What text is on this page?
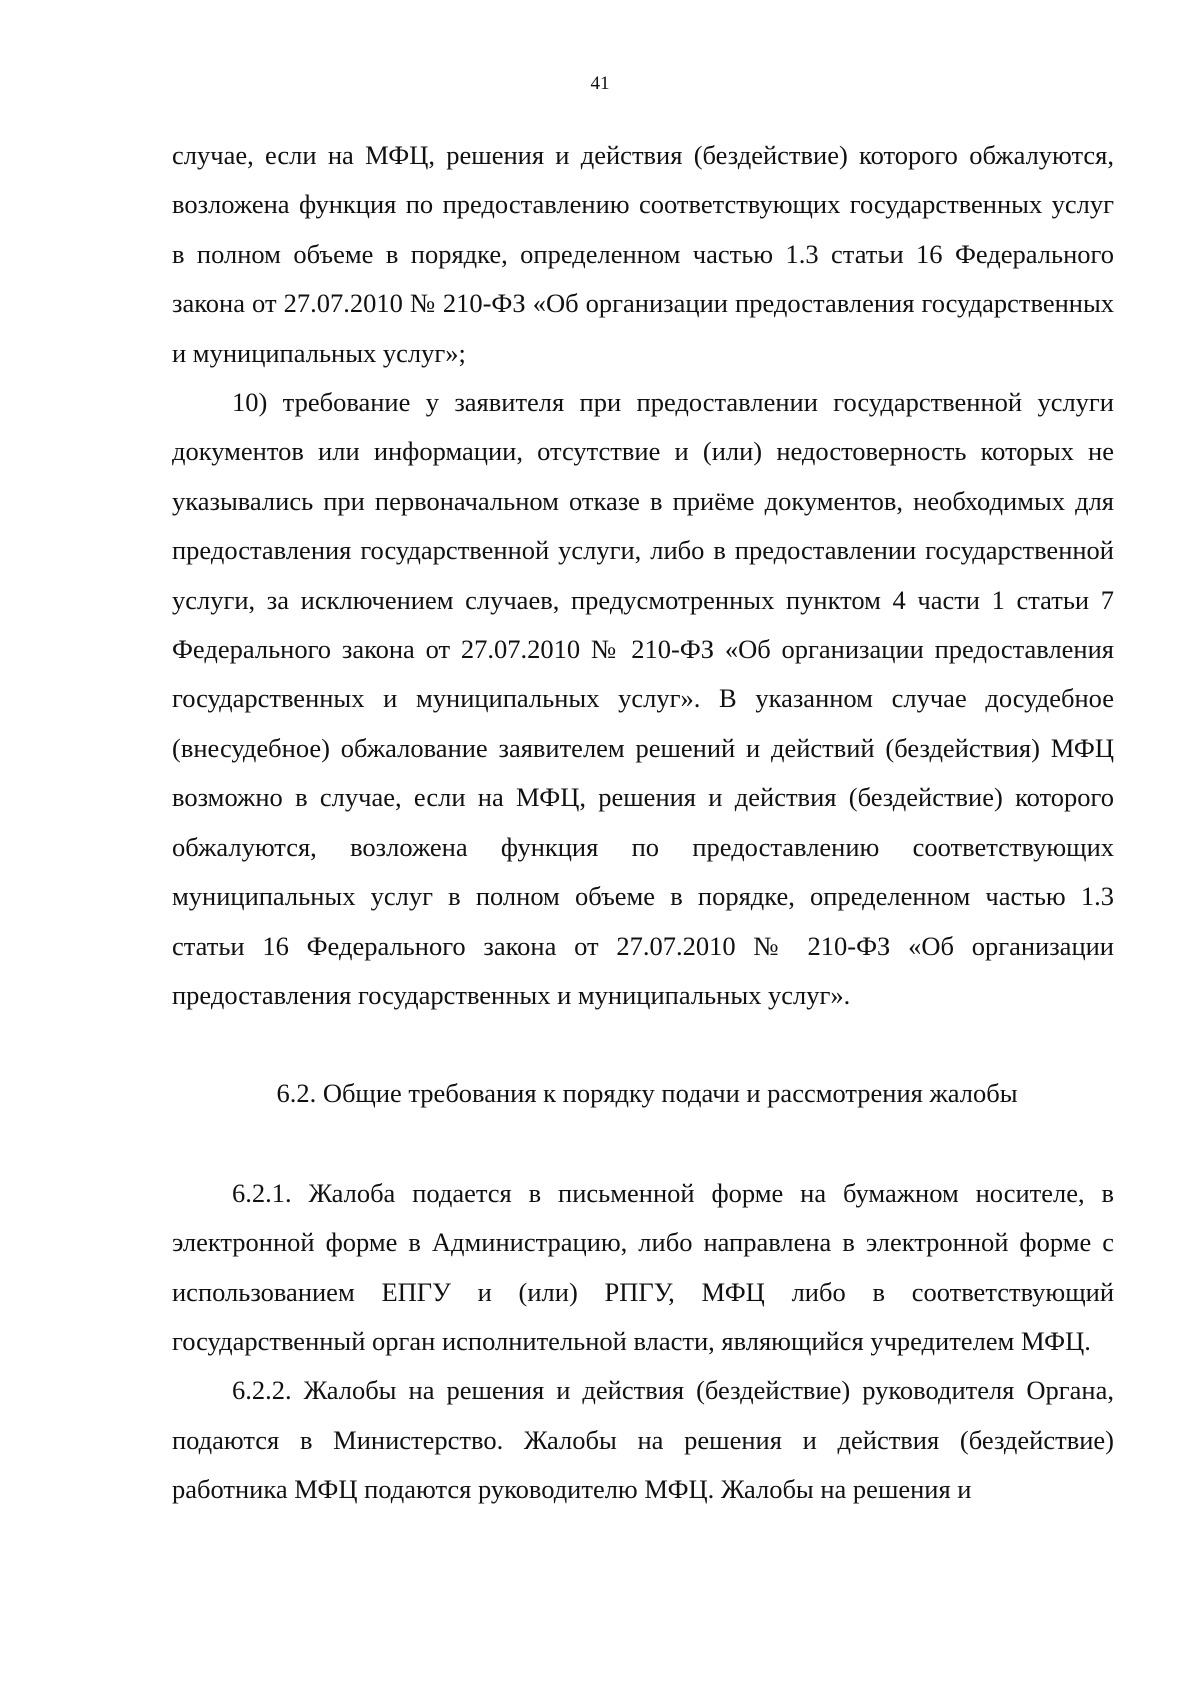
41

случае, если на МФЦ, решения и действия (бездействие) которого обжалуются, возложена функция по предоставлению соответствующих государственных услуг в полном объеме в порядке, определенном частью 1.3 статьи 16 Федерального закона от 27.07.2010 № 210-ФЗ «Об организации предоставления государственных и муниципальных услуг»;

10) требование у заявителя при предоставлении государственной услуги документов или информации, отсутствие и (или) недостоверность которых не указывались при первоначальном отказе в приёме документов, необходимых для предоставления государственной услуги, либо в предоставлении государственной услуги, за исключением случаев, предусмотренных пунктом 4 части 1 статьи 7 Федерального закона от 27.07.2010 № 210-ФЗ «Об организации предоставления государственных и муниципальных услуг». В указанном случае досудебное (внесудебное) обжалование заявителем решений и действий (бездействия) МФЦ возможно в случае, если на МФЦ, решения и действия (бездействие) которого обжалуются, возложена функция по предоставлению соответствующих муниципальных услуг в полном объеме в порядке, определенном частью 1.3 статьи 16 Федерального закона от 27.07.2010 № 210-ФЗ «Об организации предоставления государственных и муниципальных услуг».

6.2. Общие требования к порядку подачи и рассмотрения жалобы

6.2.1. Жалоба подается в письменной форме на бумажном носителе, в электронной форме в Администрацию, либо направлена в электронной форме с использованием ЕПГУ и (или) РПГУ, МФЦ либо в соответствующий государственный орган исполнительной власти, являющийся учредителем МФЦ.

6.2.2. Жалобы на решения и действия (бездействие) руководителя Органа, подаются в Министерство. Жалобы на решения и действия (бездействие) работника МФЦ подаются руководителю МФЦ. Жалобы на решения и
